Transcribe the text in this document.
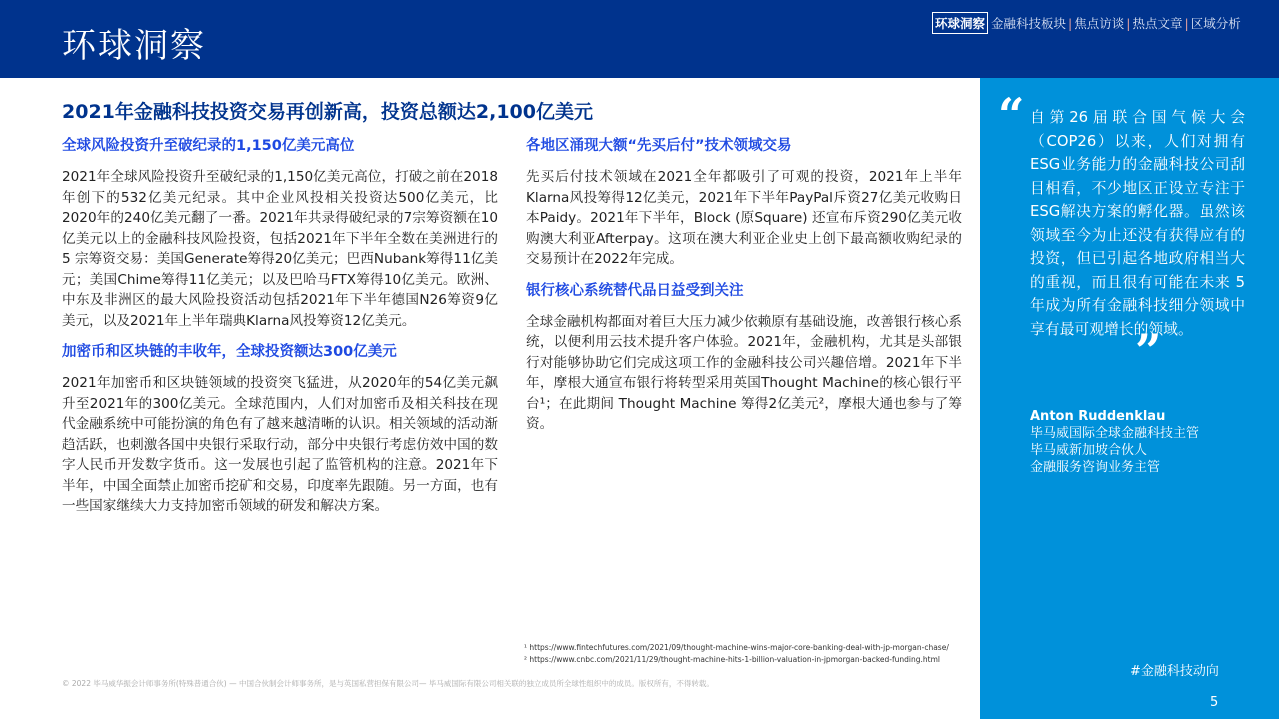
环球洞察
环球洞察 金融科技板块 | 焦点访谈 | 热点文章 | 区域分析
2021年金融科技投资交易再创新高，投资总额达2,100亿美元
全球风险投资升至破纪录的1,150亿美元高位

2021年全球风险投资升至破纪录的1,150亿美元高位，打破之前在2018年创下的532亿美元纪录。其中企业风投相关投资达500亿美元，比2020年的240亿美元翻了一番。2021年共录得破纪录的7宗筹资额在10亿美元以上的金融科技风险投资，包括2021年下半年全数在美洲进行的 5 宗筹资交易：美国Generate筹得20亿美元；巴西Nubank筹得11亿美元；美国Chime筹得11亿美元；以及巴哈马FTX筹得10亿美元。欧洲、中东及非洲区的最大风险投资活动包括2021年下半年德国N26筹资9亿美元，以及2021年上半年瑞典Klarna风投筹资12亿美元。

加密币和区块链的丰收年，全球投资额达300亿美元

2021年加密币和区块链领域的投资突飞猛进，从2020年的54亿美元飙升至2021年的300亿美元。全球范围内，人们对加密币及相关科技在现代金融系统中可能扮演的角色有了越来越清晰的认识。相关领域的活动渐趋活跃，也刺激各国中央银行采取行动，部分中央银行考虑仿效中国的数字人民币开发数字货币。这一发展也引起了监管机构的注意。2021年下半年，中国全面禁止加密币挖矿和交易，印度率先跟随。另一方面，也有一些国家继续大力支持加密币领域的研发和解决方案。

各地区涌现大额“先买后付”技术领域交易

先买后付技术领域在2021全年都吸引了可观的投资，2021年上半年Klarna风投筹得12亿美元，2021年下半年PayPal斥资27亿美元收购日本Paidy。2021年下半年，Block (原Square) 还宣布斥资290亿美元收购澳大利亚Afterpay。这项在澳大利亚企业史上创下最高额收购纪录的交易预计在2022年完成。

银行核心系统替代品日益受到关注

全球金融机构都面对着巨大压力减少依赖原有基础设施，改善银行核心系统，以便利用云技术提升客户体验。2021年，金融机构，尤其是头部银行对能够协助它们完成这项工作的金融科技公司兴趣倍增。2021年下半年，摩根大通宣布银行将转型采用英国Thought Machine的核心银行平台¹；在此期间 Thought Machine 筹得2亿美元²，摩根大通也参与了筹资。

¹ https://www.fintechfutures.com/2021/09/thought-machine-wins-major-core-banking-deal-with-jp-morgan-chase/
² https://www.cnbc.com/2021/11/29/thought-machine-hits-1-billion-valuation-in-jpmorgan-backed-funding.html
© 2022 毕马威华振会计师事务所(特殊普通合伙) — 中国合伙制会计师事务所，是与英国私营担保有限公司— 毕马威国际有限公司相关联的独立成员所全球性组织中的成员。版权所有，不得转载。
“ 自第26届联合国气候大会（COP26）以来，人们对拥有ESG业务能力的金融科技公司刮目相看，不少地区正设立专注于ESG解决方案的孵化器。虽然该领域至今为止还没有获得应有的投资，但已引起各地政府相当大的重视，而且很有可能在未来 5 年成为所有金融科技细分领域中享有最可观增长的领域。
”
Anton Ruddenklau
毕马威国际全球金融科技主管
毕马威新加坡合伙人
金融服务咨询业务主管
#金融科技动向
5
